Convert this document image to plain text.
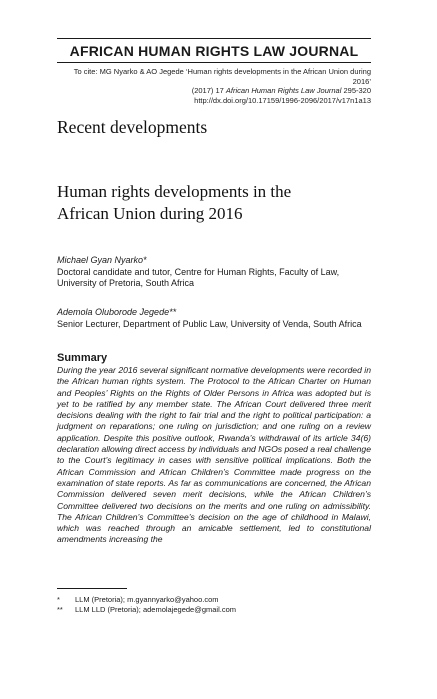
AFRICAN HUMAN RIGHTS LAW JOURNAL
To cite: MG Nyarko & AO Jegede ‘Human rights developments in the African Union during 2016’
(2017) 17 African Human Rights Law Journal 295-320
http://dx.doi.org/10.17159/1996-2096/2017/v17n1a13
Recent developments
Human rights developments in the
African Union during 2016
Michael Gyan Nyarko*
Doctoral candidate and tutor, Centre for Human Rights, Faculty of Law,
University of Pretoria, South Africa
Ademola Oluborode Jegede**
Senior Lecturer, Department of Public Law, University of Venda, South Africa
Summary
During the year 2016 several significant normative developments were recorded in the African human rights system. The Protocol to the African Charter on Human and Peoples’ Rights on the Rights of Older Persons in Africa was adopted but is yet to be ratified by any member state. The African Court delivered three merit decisions dealing with the right to fair trial and the right to political participation: a judgment on reparations; one ruling on jurisdiction; and one ruling on a review application. Despite this positive outlook, Rwanda’s withdrawal of its article 34(6) declaration allowing direct access by individuals and NGOs posed a real challenge to the Court’s legitimacy in cases with sensitive political implications. Both the African Commission and African Children’s Committee made progress on the examination of state reports. As far as communications are concerned, the African Commission delivered seven merit decisions, while the African Children’s Committee delivered two decisions on the merits and one ruling on admissibility. The African Children’s Committee’s decision on the age of childhood in Malawi, which was reached through an amicable settlement, led to constitutional amendments increasing the
*	LLM (Pretoria); m.gyannyarko@yahoo.com
**	LLM LLD (Pretoria); ademolajegede@gmail.com
